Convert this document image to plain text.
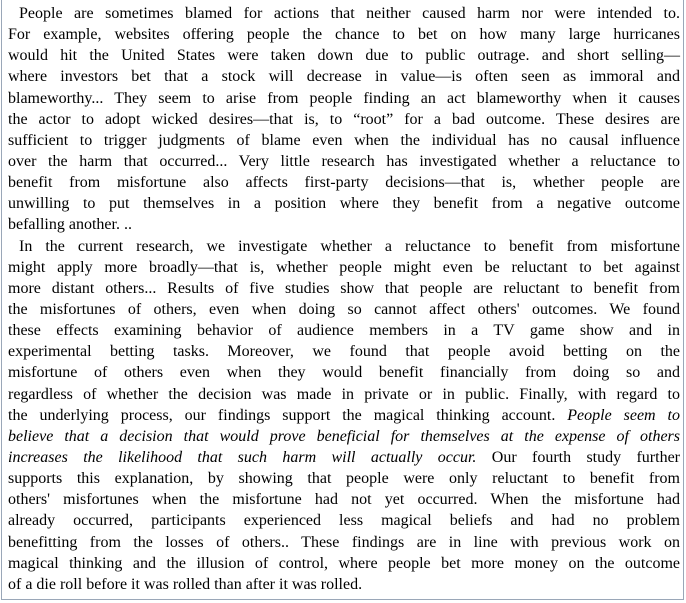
People are sometimes blamed for actions that neither caused harm nor were intended to.
For example, websites offering people the chance to bet on how many large hurricanes
would hit the United States were taken down due to public outrage. and short selling—
where investors bet that a stock will decrease in value—is often seen as immoral and
blameworthy... They seem to arise from people finding an act blameworthy when it causes
the actor to adopt wicked desires—that is, to “root” for a bad outcome. These desires are
sufficient to trigger judgments of blame even when the individual has no causal influence
over the harm that occurred... Very little research has investigated whether a reluctance to
benefit from misfortune also affects first-party decisions—that is, whether people are
unwilling to put themselves in a position where they benefit from a negative outcome
befalling another. ..
In the current research, we investigate whether a reluctance to benefit from misfortune
might apply more broadly—that is, whether people might even be reluctant to bet against
more distant others... Results of five studies show that people are reluctant to benefit from
the misfortunes of others, even when doing so cannot affect others' outcomes. We found
these effects examining behavior of audience members in a TV game show and in
experimental betting tasks. Moreover, we found that people avoid betting on the
misfortune of others even when they would benefit financially from doing so and
regardless of whether the decision was made in private or in public. Finally, with regard to
the underlying process, our findings support the magical thinking account. People seem to
believe that a decision that would prove beneficial for themselves at the expense of others
increases the likelihood that such harm will actually occur. Our fourth study further
supports this explanation, by showing that people were only reluctant to benefit from
others' misfortunes when the misfortune had not yet occurred. When the misfortune had
already occurred, participants experienced less magical beliefs and had no problem
benefitting from the losses of others.. These findings are in line with previous work on
magical thinking and the illusion of control, where people bet more money on the outcome
of a die roll before it was rolled than after it was rolled.
